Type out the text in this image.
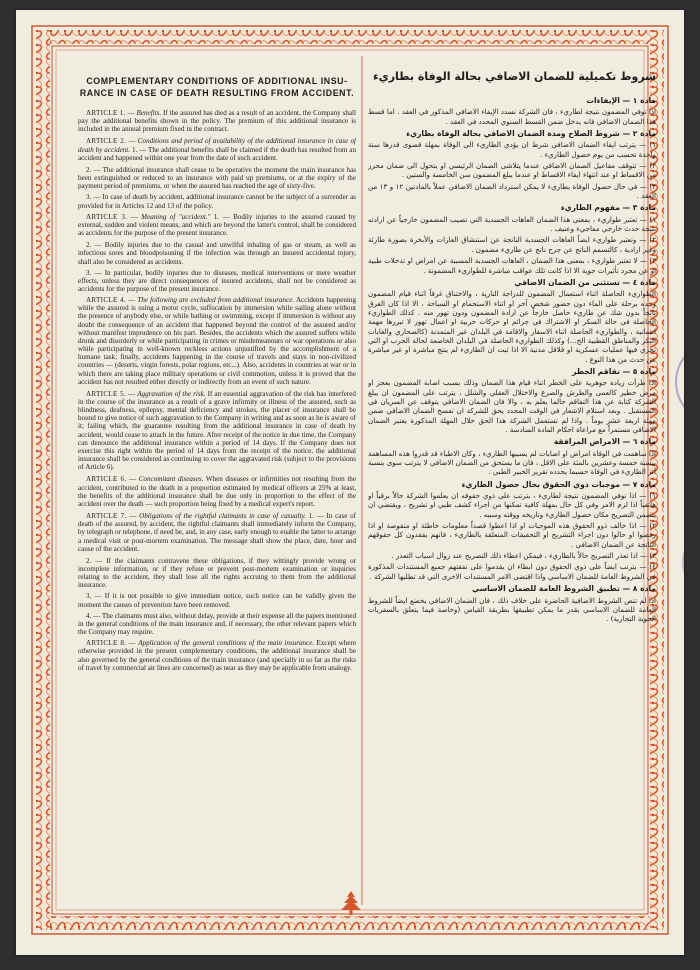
COMPLEMENTARY CONDITIONS OF ADDITIONAL INSU-
RANCE IN CASE OF DEATH RESULTING FROM ACCIDENT.

ARTICLE 1. — Benefits. If the assured has died as a result of an accident, the Company shall pay the additional benefits shown in the policy. The premium of this additional insurance is included in the annual premium fixed in the contract.

ARTICLE 2. — Conditions and period of availability of the additional insurance in case of death by accident. 1. — The additional benefits shall be claimed if the death has resulted from an accident and happened within one year from the date of such accident.

2. — The additional insurance shall cease to be operative the moment the main insurance has been extinguished or reduced to an insurance with paid up premiums, or at the expiry of the payment period of premiums, or when the assured has reached the age of sixty-five.

3. — In case of death by accident, additional insurance cannot be the subject of a surrender as provided for in Articles 12 and 13 of the policy.

ARTICLE 3. — Meaning of "accident." 1. — Bodily injuries to the assured caused by external, sudden and violent means, and which are beyond the latter's control, shall be considered as accidents for the purpose of the present insurance.

2. — Bodily injuries due to the casual and unwilful inhaling of gas or steam, as well as infectious sores and bloodpoisoning if the infection was through an insured accidental injury, shall also be considered as accidents.

3. — In particular, bodily injuries due to diseases, medical interventions or mere weather effects, unless they are direct consequences of insured accidents, shall not be considered as accidents for the purpose of the present insurance.

ARTICLE 4. — The following are excluded from additional insurance. Accidents happening while the assured is using a motor cycle, suffocation by immersion while sailing alone without the presence of anybody else, or while bathing or swimming, except if immersion is without any doubt the consequence of an accident that happened beyond the control of the assured and/or without manifest imprudence on his part. Besides, the accidents which the assured suffers while drunk and disorderly or while participating in crimes or misdemeanours or war operations or also while participating in well-known reckless actions unjustified by the accomplishment of a humane task; finally, accidents happening in the course of travels and stays in non-civilized countries — (deserts, virgin forests, polar regions, etc...). Also, accidents in countries at war or in which there are taking place military operations or civil commotion, unless it is proved that the accident has not resulted either directly or indirectly from an event of such nature.

ARTICLE 5. — Aggravation of the risk. If an essential aggravation of the risk has interfered in the course of the insurance as a result of a grave infirmity or illness of the assured, such as blindness, deafness, epilepsy, mental deficiency and strokes, the placer of insurance shall be bound to give notice of such aggravation to the Company in writing and as soon as he is aware of it; failing which, the guarantee resulting from the additional insurance in case of death by accident, would cease to attach in the future. After receipt of the notice in due time, the Company can denounce the additional insurance within a period of 14 days. If the Company does not exercise this right within the period of 14 days from the receipt of the notice, the additional insurance shall be considered as continuing to cover the aggravated risk (subject to the provisions of Article 6).

ARTICLE 6. — Concomitant diseases. When diseases or infirmities not resulting from the accident, contributed to the death in a proportion estimated by medical officers at 25% at least, the benefits of the additional insurance shall be due only in proportion to the effect of the accident over the death — such proportion being fixed by a medical expert's report.

ARTICLE 7. — Obligations of the rightful claimants in case of casualty. 1. — In case of death of the assured, by accident, the rightful claimants shall immediately inform the Company, by telegraph or telephone, if need be, and, in any case, early enough to enable the latter to arrange a medical visit or post-mortem examination. The message shall show the place, date, hour and cause of the accident.

2. — If the claimants contravene these obligations, if they wittingly provide wrong or incomplete information, or if they refuse or prevent post-mortem examination or inquiries relating to the accident, they shall lose all the rights accruing to them from the additional insurance.

3. — If it is not possible to give immediate notice, such notice can be validly given the moment the causes of prevention have been removed.

4. — The claimants must also, without delay, provide at their expense all the papers mentioned in the general conditions of the main insurance and, if necessary, the other relevant papers which the Company may require.

ARTICLE 8. — Application of the general conditions of the main insurance. Except where otherwise provided in the present complementary conditions, the additional insurance shall be also governed by the general conditions of the main insurance (and specially in so far as the risks of travel by commercial air lines are concerned) as near as they may be applicable from analogy.

شروط تكميلية للضمان الاضافي بحالة الوفاة بطاريء
مادة ١ — الإيفاءات

اذا توفي المضمون نتيجة لطاريء ، فان الشركة تسدد الإيفاء الاضافي المذكور في العقد . اما قسط هذا الضمان الاضافي فانه يدخل ضمن القسط السنوي المحدد في العقد .

مادة ٢ — شروط الصلاح ومدة الضمان الاضافي بحالة الوفاة بطاريء

١) — يترتب ايفاء الضمان الاضافي شرط ان يؤدي الطاريء الى الوفاة بمهلة قصوى قدرها سنة واحدة تحسب من يوم حصول الطاريء .

٢) — تتوقف مفاعيل الضمان الاضافي عندما يتلاشى الضمان الرئيسي او يتحول الى ضمان محرر من الاقساط او عند انتهاء ايفاء الاقساط او عندما يبلغ المضمون سن الخامسة والستين .

٣) — في حال حصول الوفاة بطاريء لا يمكن استرداد الضمان الاضافي عملاً بالمادتين ١٢ و ١٣ من العقد .

مادة ٣ — مفهوم الطاريء

١) — تعتبر طواريء ، بمعنى هذا الضمان العاهات الجسدية التي تصيب المضمون خارجياً عن ارادته نتيجة حدث خارجي مفاجيء وعنيف .

٢) — وتعتبر طواريء ايضاً العاهات الجسدية الناتجة عن استنشاق الغازات والأبخرة بصورة طارئة وغير ارادية ، كالتسمم الناتج عن جرح ناتج عن طاريء مضمون .

٣) — لا تعتبر طواريء ، بمعنى هذا الضمان ، العاهات الجسدية المسببة عن امراض او تدخلات طبية او عن مجرد تأثيرات جوية الا اذا كانت تلك عواقب مباشرة للطواريء المضمونة .

مادة ٤ — تستثنى من الضمان الاضافي

الطواريء الحاصلة اثناء استعمال المضمون للدراجة النارية ، والاختناق غرقاً اثناء قيام المضمون وحده برحلة على الماء دون حضور شخص آخر او اثناء الاستحمام او السباحة ، الا اذا كان الغرق ناتجاً بدون شك عن طاريء حاصل خارجاً عن ارادة المضمون ودون تهور منه . كذلك الطواريء الحاصلة في حالة السكر او الاشتراك في جرائم او حركات حربية او اعمال تهور لا تبررها مهمة انسانية ، والطواريء الحاصلة اثناء الاسفار والاقامة في البلدان غير المتمدنة (كالصحاري والغابات البكر والمناطق القطبية الخ...) وكذلك الطواريء الحاصلة في البلدان الخاضعة لحالة الحرب او التي تجري فيها عمليات عسكرية او قلاقل مدنية الا اذا ثبت ان الطاريء لم ينتج مباشرة او غير مباشرة عن حدث من هذا النوع .

مادة ٥ — تفاقم الخطر

اذا طرأت زيادة جوهرية على الخطر اثناء قيام هذا الضمان وذلك بسبب اصابة المضمون بعجز او مرض خطير كالعمى والطرش والصرع والاختلال العقلي والشلل ، يترتب على المضمون ان يبلغ الشركة كتابة عن هذا التفاقم حالما يعلم به ، والا فان الضمان الاضافي يتوقف عن السريان في المستقبل . وبعد استلام الاشعار في الوقت المحدد يحق للشركة ان تفسخ الضمان الاضافي ضمن مهلة اربعة عشر يوماً . واذا لم تستعمل الشركة هذا الحق خلال المهلة المذكورة يعتبر الضمان الاضافي مستمراً مع مراعاة احكام المادة السادسة .

مادة ٦ — الامراض المرافقة

اذا ساهمت في الوفاة امراض او اصابات لم يسببها الطاريء ، وكان الاطباء قد قدروا هذه المساهمة بنسبة خمسة وعشرين بالمئة على الاقل ، فان ما يستحق من الضمان الاضافي لا يترتب سوى بنسبة أثر الطاريء في الوفاة حسبما يحدده تقرير الخبير الطبي .

مادة ٧ — موجبات ذوي الحقوق بحال حصول الطاريء

١) — اذا توفي المضمون نتيجة لطاريء ، يترتب على ذوي حقوقه ان يعلموا الشركة حالاً برقياً او هاتفياً اذا لزم الامر وفي كل حال بمهلة كافية تمكنها من اجراء كشف طبي او تشريح ، ويقتضي ان يتضمن التصريح مكان حصول الطاريء وتاريخه ووقته وسببه .

٢) — اذا خالف ذوو الحقوق هذه الموجبات او اذا اعطوا قصداً معلومات خاطئة او منقوصة او اذا رفضوا او حالوا دون اجراء التشريح او التحقيقات المتعلقة بالطاريء ، فانهم يفقدون كل حقوقهم الناتجة عن الضمان الاضافي .

٣) — اذا تعذر التصريح حالاً بالطاريء ، فيمكن اعطاء ذلك التصريح عند زوال اسباب التعذر .

٤) — يترتب ايضاً على ذوي الحقوق دون ابطاء ان يقدموا على نفقتهم جميع المستندات المذكورة في الشروط العامة للضمان الاساسي واذا اقتضى الامر المستندات الاخرى التي قد تطلبها الشركة .

مادة ٨ — تطبيق الشروط العامة للضمان الاساسي

اذا لم تنص الشروط الاضافية الحاضرة على خلاف ذلك ، فان الضمان الاضافي يخضع ايضاً للشروط العامة للضمان الاساسي بقدر ما يمكن تطبيقها بطريقة القياس (وخاصة فيما يتعلق بالسفريات الجوية التجارية) .
